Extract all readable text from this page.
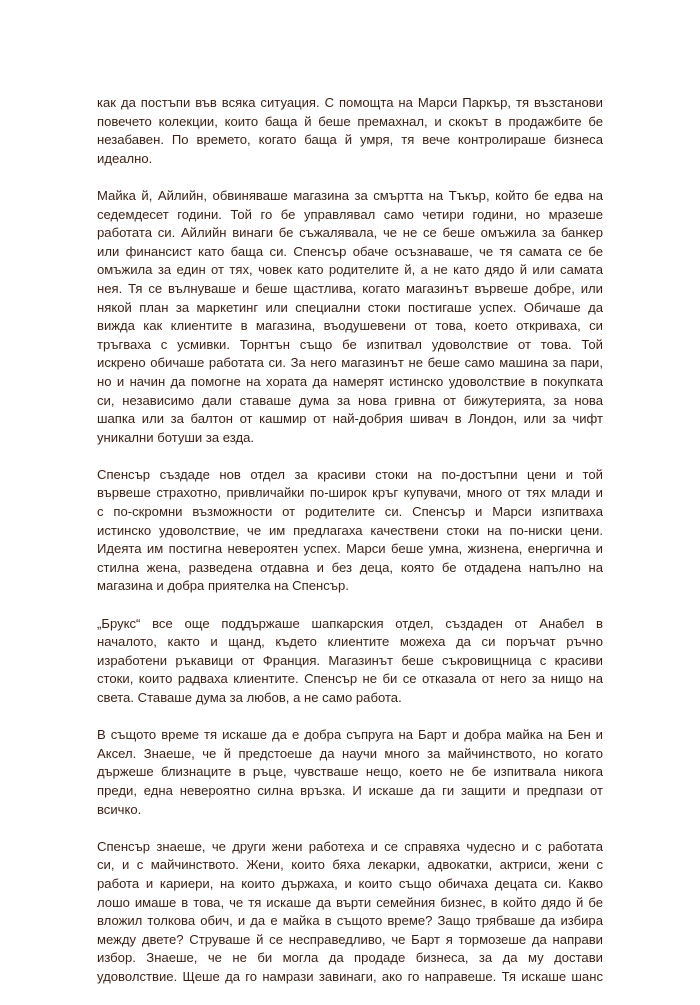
как да постъпи във всяка ситуация. С помощта на Марси Паркър, тя възстанови
повечето колекции, които баща й беше премахнал, и скокът в продажбите бе
незабавен. По времето, когато баща й умря, тя вече контролираше бизнеса
идеално.

Майка й, Айлийн, обвиняваше магазина за смъртта на Тъкър, който бе едва на
седемдесет години. Той го бе управлявал само четири години, но мразеше
работата си. Айлийн винаги бе съжалявала, че не се беше омъжила за банкер
или финансист като баща си. Спенсър обаче осъзнаваше, че тя самата се бе
омъжила за един от тях, човек като родителите й, а не като дядо й или самата
нея. Тя се вълнуваше и беше щастлива, когато магазинът вървеше добре, или
някой план за маркетинг или специални стоки постигаше успех. Обичаше да
вижда как клиентите в магазина, въодушевени от това, което откриваха, си
тръгваха с усмивки. Торнтън също бе изпитвал удоволствие от това. Той
искрено обичаше работата си. За него магазинът не беше само машина за пари,
но и начин да помогне на хората да намерят истинско удоволствие в покупката
си, независимо дали ставаше дума за нова гривна от бижутерията, за нова
шапка или за балтон от кашмир от най-добрия шивач в Лондон, или за чифт
уникални ботуши за езда.

Спенсър създаде нов отдел за красиви стоки на по-достъпни цени и той
вървеше страхотно, привличайки по-широк кръг купувачи, много от тях млади и
с по-скромни възможности от родителите си. Спенсър и Марси изпитваха
истинско удоволствие, че им предлагаха качествени стоки на по-ниски цени.
Идеята им постигна невероятен успех. Марси беше умна, жизнена, енергична и
стилна жена, разведена отдавна и без деца, която бе отдадена напълно на
магазина и добра приятелка на Спенсър.

„Брукс“ все още поддържаше шапкарския отдел, създаден от Анабел в
началото, както и щанд, където клиентите можеха да си поръчат ръчно
изработени ръкавици от Франция. Магазинът беше съкровищница с красиви
стоки, които радваха клиентите. Спенсър не би се отказала от него за нищо на
света. Ставаше дума за любов, а не само работа.

В същото време тя искаше да е добра съпруга на Барт и добра майка на Бен и
Аксел. Знаеше, че й предстоеше да научи много за майчинството, но когато
държеше близнаците в ръце, чувстваше нещо, което не бе изпитвала никога
преди, една невероятно силна връзка. И искаше да ги защити и предпази от
всичко.

Спенсър знаеше, че други жени работеха и се справяха чудесно и с работата
си, и с майчинството. Жени, които бяха лекарки, адвокатки, актриси, жени с
работа и кариери, на които държаха, и които също обичаха децата си. Какво
лошо имаше в това, че тя искаше да върти семейния бизнес, в който дядо й бе
вложил толкова обич, и да е майка в същото време? Защо трябваше да избира
между двете? Струваше й се несправедливо, че Барт я тормозеше да направи
избор. Знаеше, че не би могла да продаде бизнеса, за да му достави
удоволствие. Щеше да го намрази завинаги, ако го направеше. Тя искаше шанс
